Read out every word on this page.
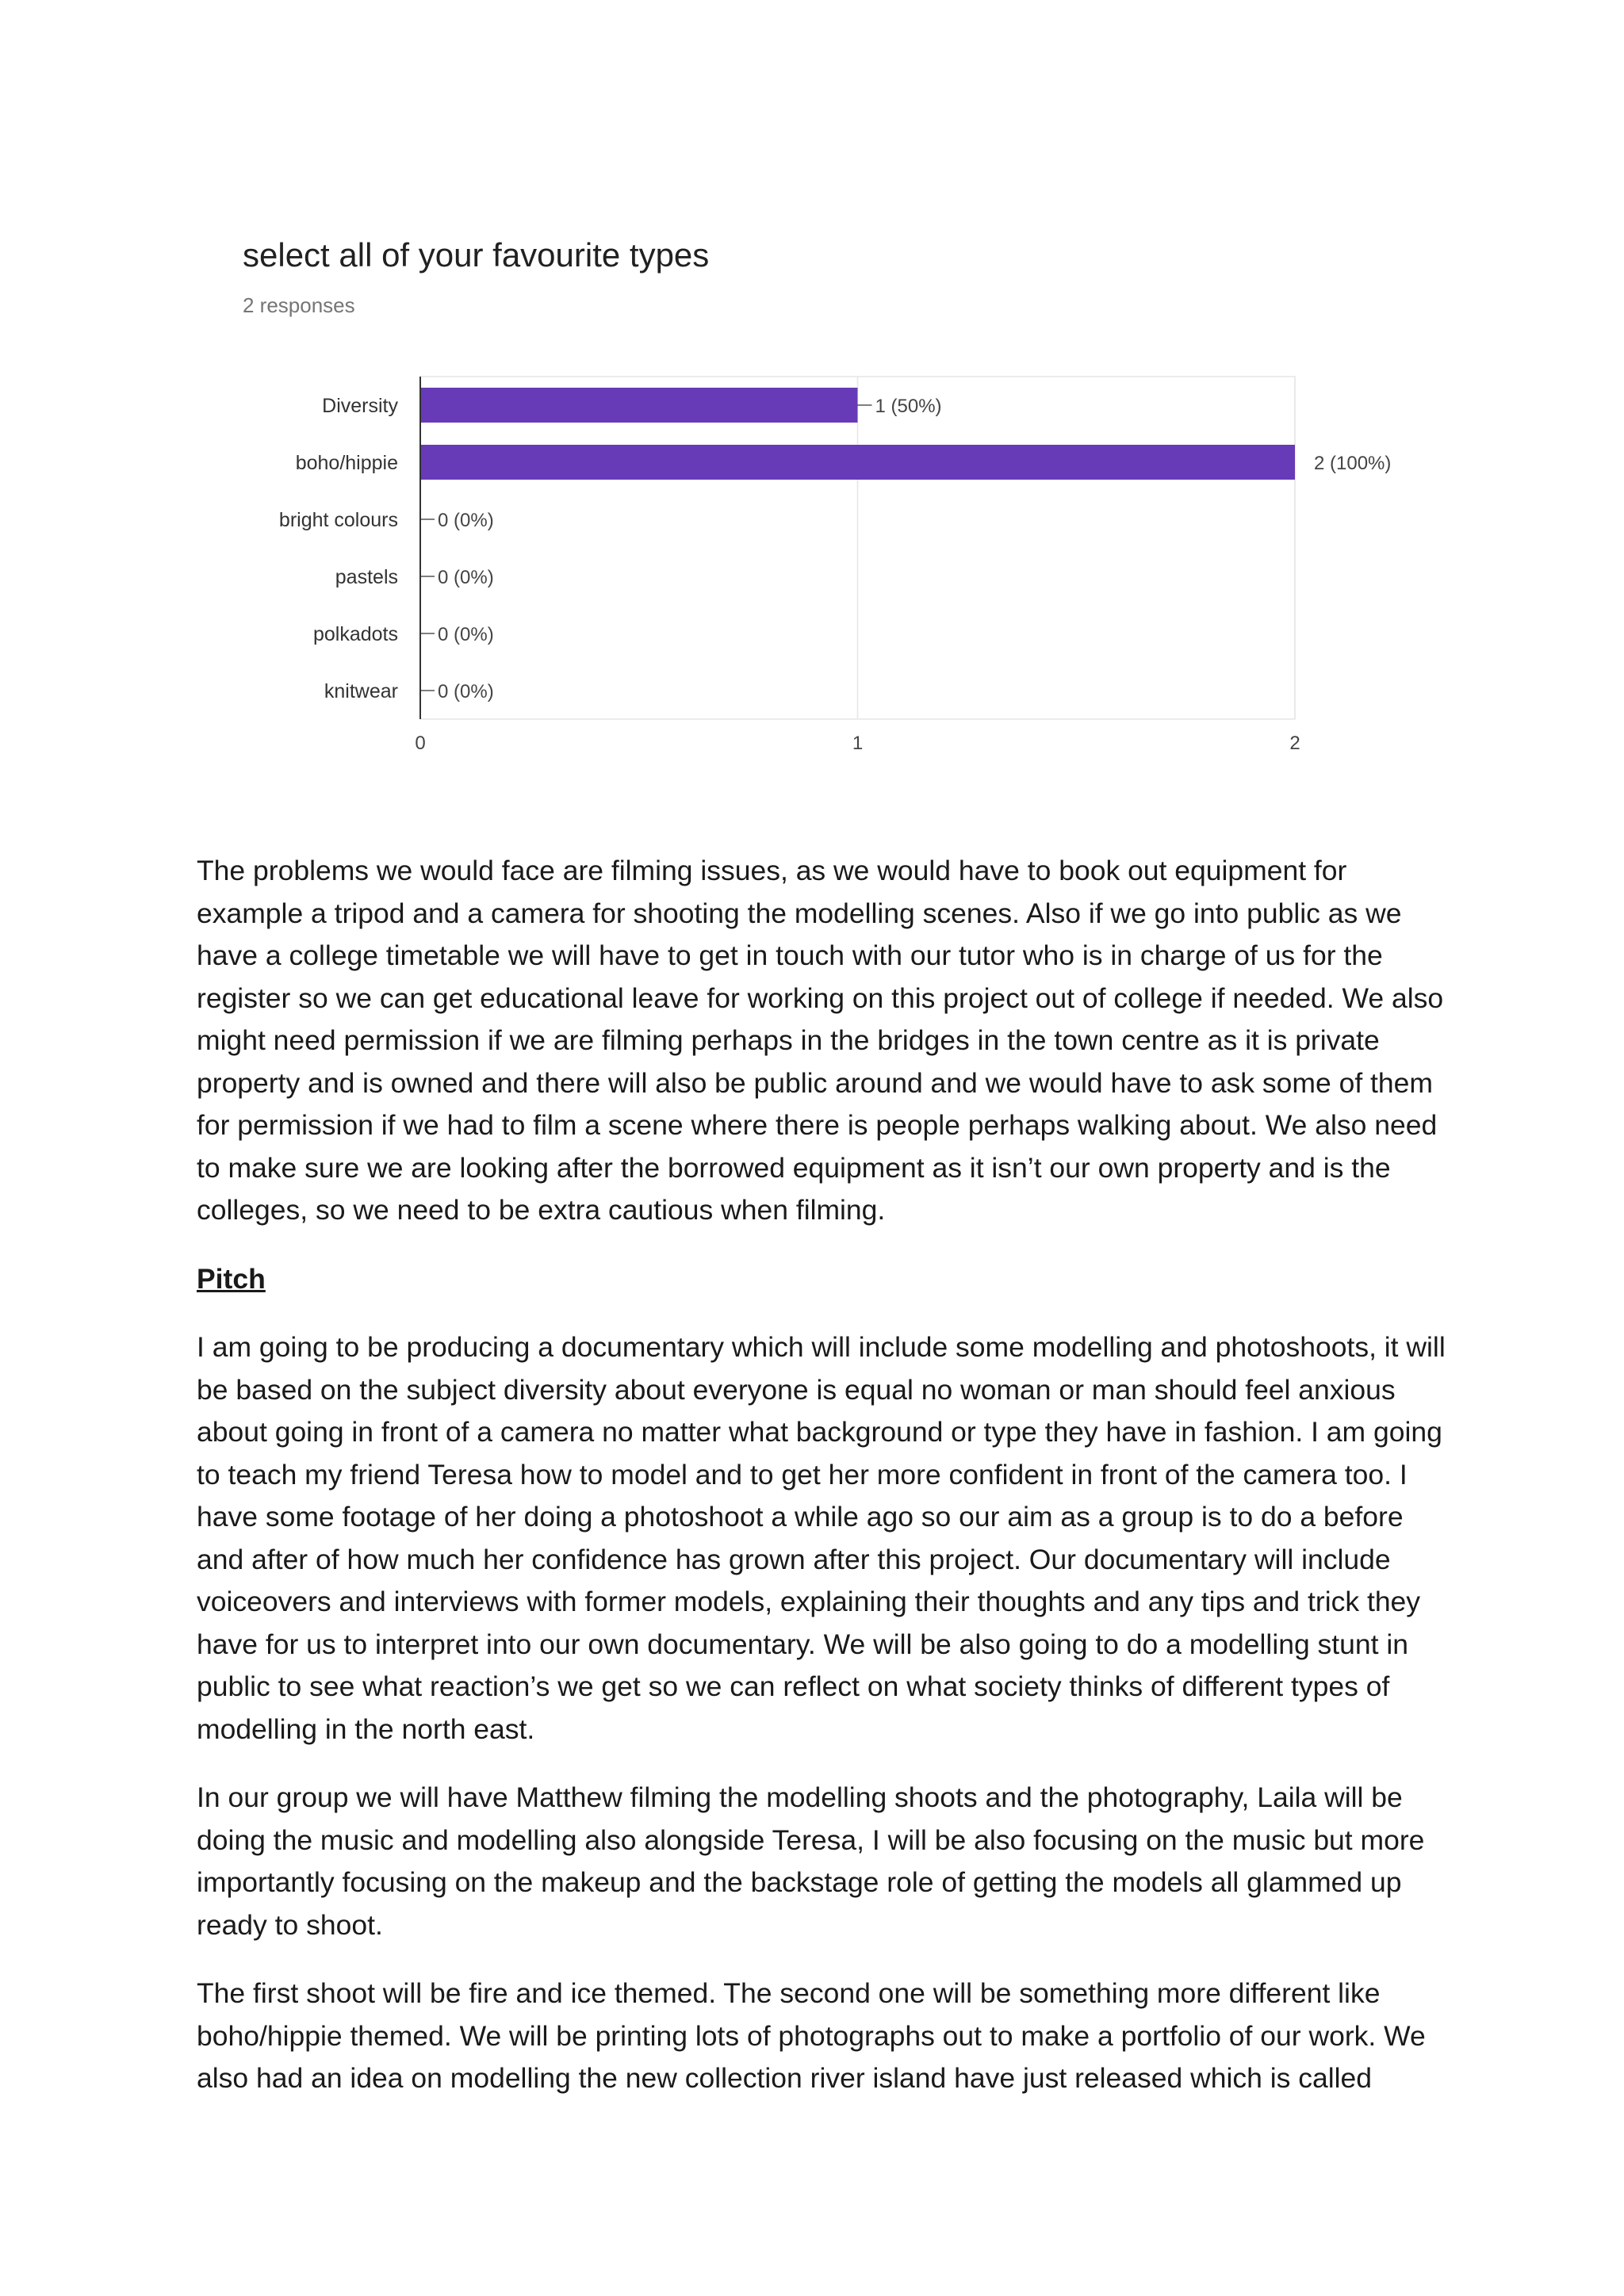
0	1	2
Diversity	1 (50%)
boho/hippie	2 (100%)
bright colours 0 (0%)
pastels 0 (0%)
polkadots 0 (0%)
knitwear 0 (0%)
select all of your favourite types
2 responses

The problems we would face are filming issues, as we would have to book out equipment for example a tripod and a camera for shooting the modelling scenes. Also if we go into public as we have a college timetable we will have to get in touch with our tutor who is in charge of us for the register so we can get educational leave for working on this project out of college if needed. We also might need permission if we are filming perhaps in the bridges in the town centre as it is private property and is owned and there will also be public around and we would have to ask some of them for permission if we had to film a scene where there is people perhaps walking about. We also need to make sure we are looking after the borrowed equipment as it isn’t our own property and is the colleges, so we need to be extra cautious when filming.

Pitch

I am going to be producing a documentary which will include some modelling and photoshoots, it will be based on the subject diversity about everyone is equal no woman or man should feel anxious about going in front of a camera no matter what background or type they have in fashion. I am going to teach my friend Teresa how to model and to get her more confident in front of the camera too. I have some footage of her doing a photoshoot a while ago so our aim as a group is to do a before and after of how much her confidence has grown after this project. Our documentary will include voiceovers and interviews with former models, explaining their thoughts and any tips and trick they have for us to interpret into our own documentary. We will be also going to do a modelling stunt in public to see what reaction’s we get so we can reflect on what society thinks of different types of modelling in the north east.

In our group we will have Matthew filming the modelling shoots and the photography, Laila will be doing the music and modelling also alongside Teresa, I will be also focusing on the music but more importantly focusing on the makeup and the backstage role of getting the models all glammed up ready to shoot.

The first shoot will be fire and ice themed. The second one will be something more different like boho/hippie themed. We will be printing lots of photographs out to make a portfolio of our work. We also had an idea on modelling the new collection river island have just released which is called
